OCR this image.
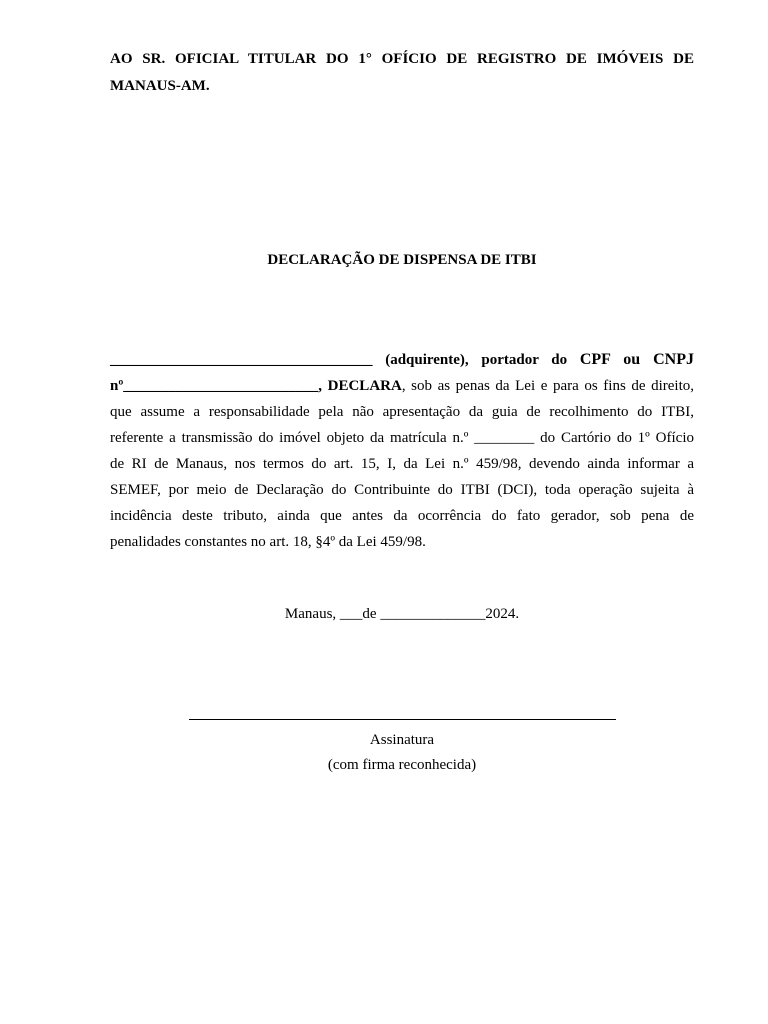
AO SR. OFICIAL TITULAR DO 1° OFÍCIO DE REGISTRO DE IMÓVEIS DE
MANAUS-AM.
DECLARAÇÃO DE DISPENSA DE ITBI
___________________________________ (adquirente), portador do CPF ou CNPJ
nº__________________________, DECLARA, sob as penas da Lei e para os fins de direito,
que assume a responsabilidade pela não apresentação da guia de recolhimento do ITBI,
referente a transmissão do imóvel objeto da matrícula n.º ________ do Cartório do 1º Ofício
de RI de Manaus, nos termos do art. 15, I, da Lei n.º 459/98, devendo ainda informar a
SEMEF, por meio de Declaração do Contribuinte do ITBI (DCI), toda operação sujeita à
incidência deste tributo, ainda que antes da ocorrência do fato gerador, sob pena de
penalidades constantes no art. 18, §4º da Lei 459/98.
Manaus, ___de ______________2024.
Assinatura
(com firma reconhecida)
